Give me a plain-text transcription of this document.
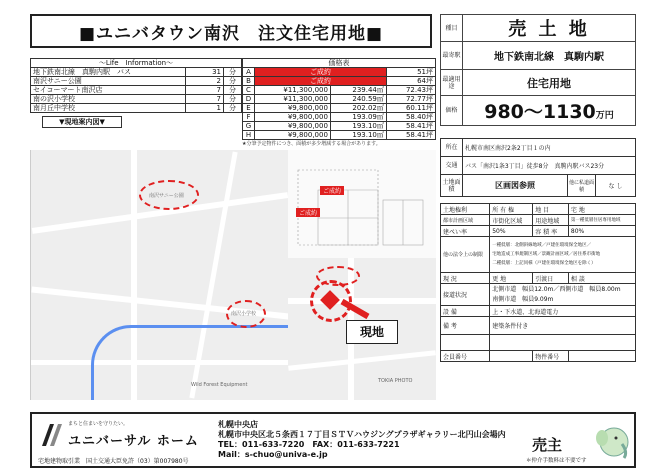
■ユニバタウン南沢　注文住宅用地■
〜Life　Information〜		
地下鉄南北線　真駒内駅　バス	31	分
南沢サニー公園	2	分
セイコーマート南沢店	7	分
南の沢小学校	7	分
南月丘中学校	1	分
▼現地案内図▼
価格表			
A	ご成約		51坪
B	ご成約		64坪
C	¥11,300,000	239.44㎡	72.43坪
D	¥11,300,000	240.59㎡	72.77坪
E	¥9,800,000	202.02㎡	60.11坪
F	¥9,800,000	193.09㎡	58.40坪
G	¥9,800,000	193.10㎡	58.41坪
H	¥9,800,000	193.10㎡	58.41坪
★分筆予定物件につき、面積が多少増減する場合があります。
南沢サニー公園
南沢小学校
Wild Forest Equipment
ご成約
ご成約
現地
TOKIA PHOTO
種目	売 土 地
最寄駅	地下鉄南北線　真駒内駅
最適用途	住宅用地
価格	980〜1130万円
所在	札幌市南区南沢2条2丁目１の内		
交通	バス「南沢1条3丁目」徒歩8分　真駒内駅バス23分		
土地面積	区画図参照	他に私道面積	な し
土地権利	所 有 権	地 目	宅 地
都市計画区域	市街化区域	用途地域	第一種低層住居専用地域
建ぺい率	50%	容 積 率	80%
他の法令上の制限	一種低層：北側斜線地域／戸建住環境保全地区／
宅地造成工事規制区域／景観計画区域／居住系市街地
二種低層：上記同様（戸建住環境保全地区を除く）		

現 況	更 地	引渡日	相 談
接道状況	北側市道　幅員12.0m／西側市道　幅員8.00m
南側市道　幅員9.09m		

設 備	上・下水道、北海道電力		
備 考	建築条件付き		

会員番号		物件番号	
まちと住まいを守りたい。
ユニバーサル ホーム
宅地建物取引業　国土交通大臣免許（03）第007980号
札幌中央店
札幌市中央区北５条西１７丁目ＳＴＶハウジングプラザギャラリー北円山会場内
TEL：011-633-7220　FAX：011-633-7221
Mail：s-chuo@univa-e.jp
売主
＊仲介手数料は不要です
